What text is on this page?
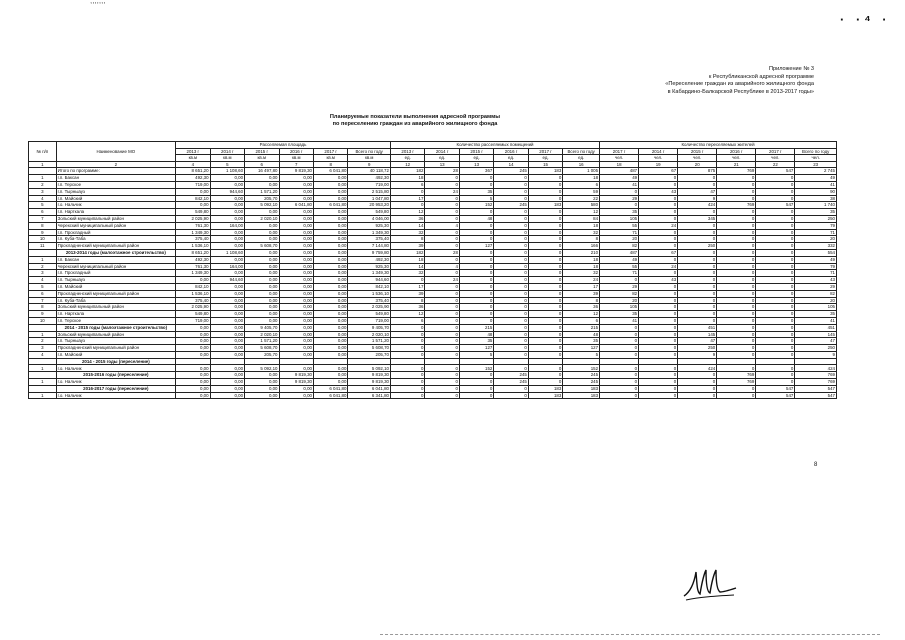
,,,,,,,
· ·⁴ ·
Приложение № 3
к Республиканской адресной программе
«Переселение граждан из аварийного жилищного фонда
в Кабардино-Балкарской Республике в 2013-2017 годы»
Планируемые показатели выполнения адресной программы
по переселению граждан из аварийного жилищного фонда
№ п/п	Наименование МО	Расселяемая площадь						Количество расселяемых помещений						Количество переселяемых жителей					
		2013 г	2014 г	2015 г	2016 г	2017 г	Всего по году	2013 г	2014 г	2015 г	2016 г	2017 г	Всего по году	2017 г	2014 г	2015 г	2016 г	2017 г	Всего по году
		кв.м	кв.м	кв.м	кв.м	кв.м	кв.м	ед.	ед.	ед.	ед.	ед.	ед.	чел.	чел.	чел.	чел.	чел.	чел.
1	2	4	5	6	7	8	9	12	13	13	14	15	16	18	19	20	21	22	23
	Итого по программе:	8 651,20	1 108,60	16 497,80	9 819,30	6 041,80	40 118,72	182	28	367	245	183	1 005	487	67	875	769	547	2 745
1	г.п. Баксан	492,30	0,00	0,00	0,00	0,00	492,30	18	0	0	0	0	18	49	0	0	0	0	49
2	г.п. Терское	719,00	0,00	0,00	0,00	0,00	719,00	6	0	0	0	0	6	41	0	0	0	0	41
3	г.п. Тырныауз	0,00	944,60	1 571,20	0,00	0,00	2 515,80	0	24	35	0	0	59	0	43	47	0	0	90
4	г.п. Майский	842,10	0,00	205,70	0,00	0,00	1 047,80	17	0	5	0	0	22	29	0	9	0	0	38
5	г.о. Нальчик	0,00	0,00	5 092,10	6 041,80	6 041,80	20 953,20	0	0	152	245	183	580	0	0	424	769	547	1 740
6	г.п. Нарткала	549,80	0,00	0,00	0,00	0,00	549,80	12	0	0	0	0	12	35	0	0	0	0	35
7	Зольский муниципальный район	2 025,90	0,00	2 020,10	0,00	0,00	4 046,00	36	0	48	0	0	84	105	0	345	0	0	250
8	Черекский муниципальный район	761,30	164,00	0,00	0,00	0,00	925,30	14	4	0	0	0	18	55	24	0	0	0	79
9	г.п. Прохладный	1 349,30	0,00	0,00	0,00	0,00	1 349,30	32	0	0	0	0	32	71	0	0	0	0	71
10	г.п. Куба-Таба	375,40	0,00	0,00	0,00	0,00	375,40	8	0	0	0	0	8	20	0	0	0	0	20
11	Прохладненский муниципальный район	1 536,10	0,00	5 608,70	0,00	0,00	7 144,80	39	0	127	0	0	166	82	0	250	0	0	332
	2013-2014 годы (малоэтажное строительство)	8 651,20	1 108,60	0,00	0,00	0,00	9 759,80	182	28	0	0	0	210	487	67	0	0	0	554
1	г.п. Баксан	492,30	0,00	0,00	0,00	0,00	492,30	18	0	0	0	0	18	49	0	0	0	0	49
2	Черекский муниципальный район	761,30	164,00	0,00	0,00	0,00	925,30	14	4	0	0	0	18	55	24	0	0	0	79
3	г.п. Прохладный	1 349,30	0,00	0,00	0,00	0,00	1 349,30	32	0	0	0	0	32	71	0	0	0	0	71
4	г.п. Тырныауз	0,00	944,60	0,00	0,00	0,00	944,60	0	24	0	0	0	24	0	43	0	0	0	43
5	г.п. Майский	842,10	0,00	0,00	0,00	0,00	842,10	17	0	0	0	0	17	29	0	0	0	0	29
6	Прохладненский муниципальный район	1 536,10	0,00	0,00	0,00	0,00	1 536,10	39	0	0	0	0	39	82	0	0	0	0	82
7	г.п. Куба-Таба	375,40	0,00	0,00	0,00	0,00	375,40	8	0	0	0	0	8	20	0	0	0	0	20
8	Зольский муниципальный район	2 025,90	0,00	0,00	0,00	0,00	2 025,90	36	0	0	0	0	36	105	0	0	0	0	105
9	г.п. Нарткала	549,80	0,00	0,00	0,00	0,00	549,80	12	0	0	0	0	12	35	0	0	0	0	35
10	г.п. Терское	719,00	0,00	0,00	0,00	0,00	719,00	6	0	0	0	0	6	41	0	0	0	0	41
	2014 - 2015 годы (малоэтажное строительство)	0,00	0,00	9 405,70	0,00	0,00	9 405,70	0	0	215	0	0	215	0	0	451	0	0	451
1	Зольский муниципальный район	0,00	0,00	2 020,10	0,00	0,00	2 020,10	0	0	48	0	0	48	0	0	145	0	0	145
2	г.п. Тырныауз	0,00	0,00	1 571,20	0,00	0,00	1 571,20	0	0	35	0	0	35	0	0	47	0	0	47
3	Прохладненский муниципальный район	0,00	0,00	5 608,70	0,00	0,00	5 608,70	0	0	127	0	0	127	0	0	250	0	0	250
4	г.п. Майский	0,00	0,00	205,70	0,00	0,00	205,70	0	0	5	0	0	5	0	0	9	0	0	9
	2014 - 2015 годы (переселение)																		
1	г.о. Нальчик	0,00	0,00	5 092,10	0,00	0,00	5 092,10	0	0	152	0	0	152	0	0	424	0	0	424
	2015-2016 годы (переселение)	0,00	0,00	0,00	9 819,30	0,00	9 819,30	0	0	0	245	0	245	0	0	0	769	0	769
1	г.о. Нальчик	0,00	0,00	0,00	9 819,30	0,00	9 819,30	0	0	0	245	0	245	0	0	0	769	0	769
	2016-2017 годы (переселение)	0,00	0,00	0,00	0,00	6 041,80	6 041,80	0	0	0	0	183	183	0	0	0	0	547	547
1	г.о. Нальчик	0,00	0,00	0,00	0,00	6 041,80	6 341,80	0	0	0	0	183	183	0	0	0	0	547	547
8
